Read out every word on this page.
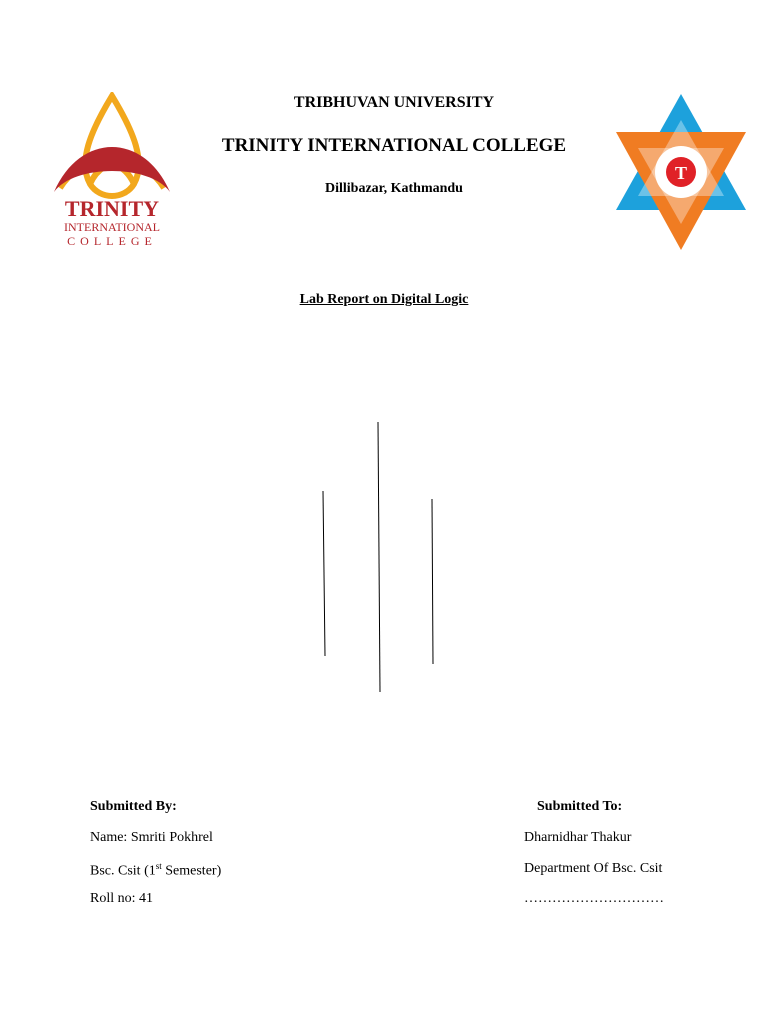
TRINITY
INTERNATIONAL
COLLEGE
TRIBHUVAN UNIVERSITY
TRINITY INTERNATIONAL COLLEGE
Dillibazar, Kathmandu
T
Lab Report on Digital Logic
Submitted By:
Name: Smriti Pokhrel
Bsc. Csit (1st Semester)
Roll no: 41
Submitted To:
Dharnidhar Thakur
Department Of Bsc. Csit
…………………………
